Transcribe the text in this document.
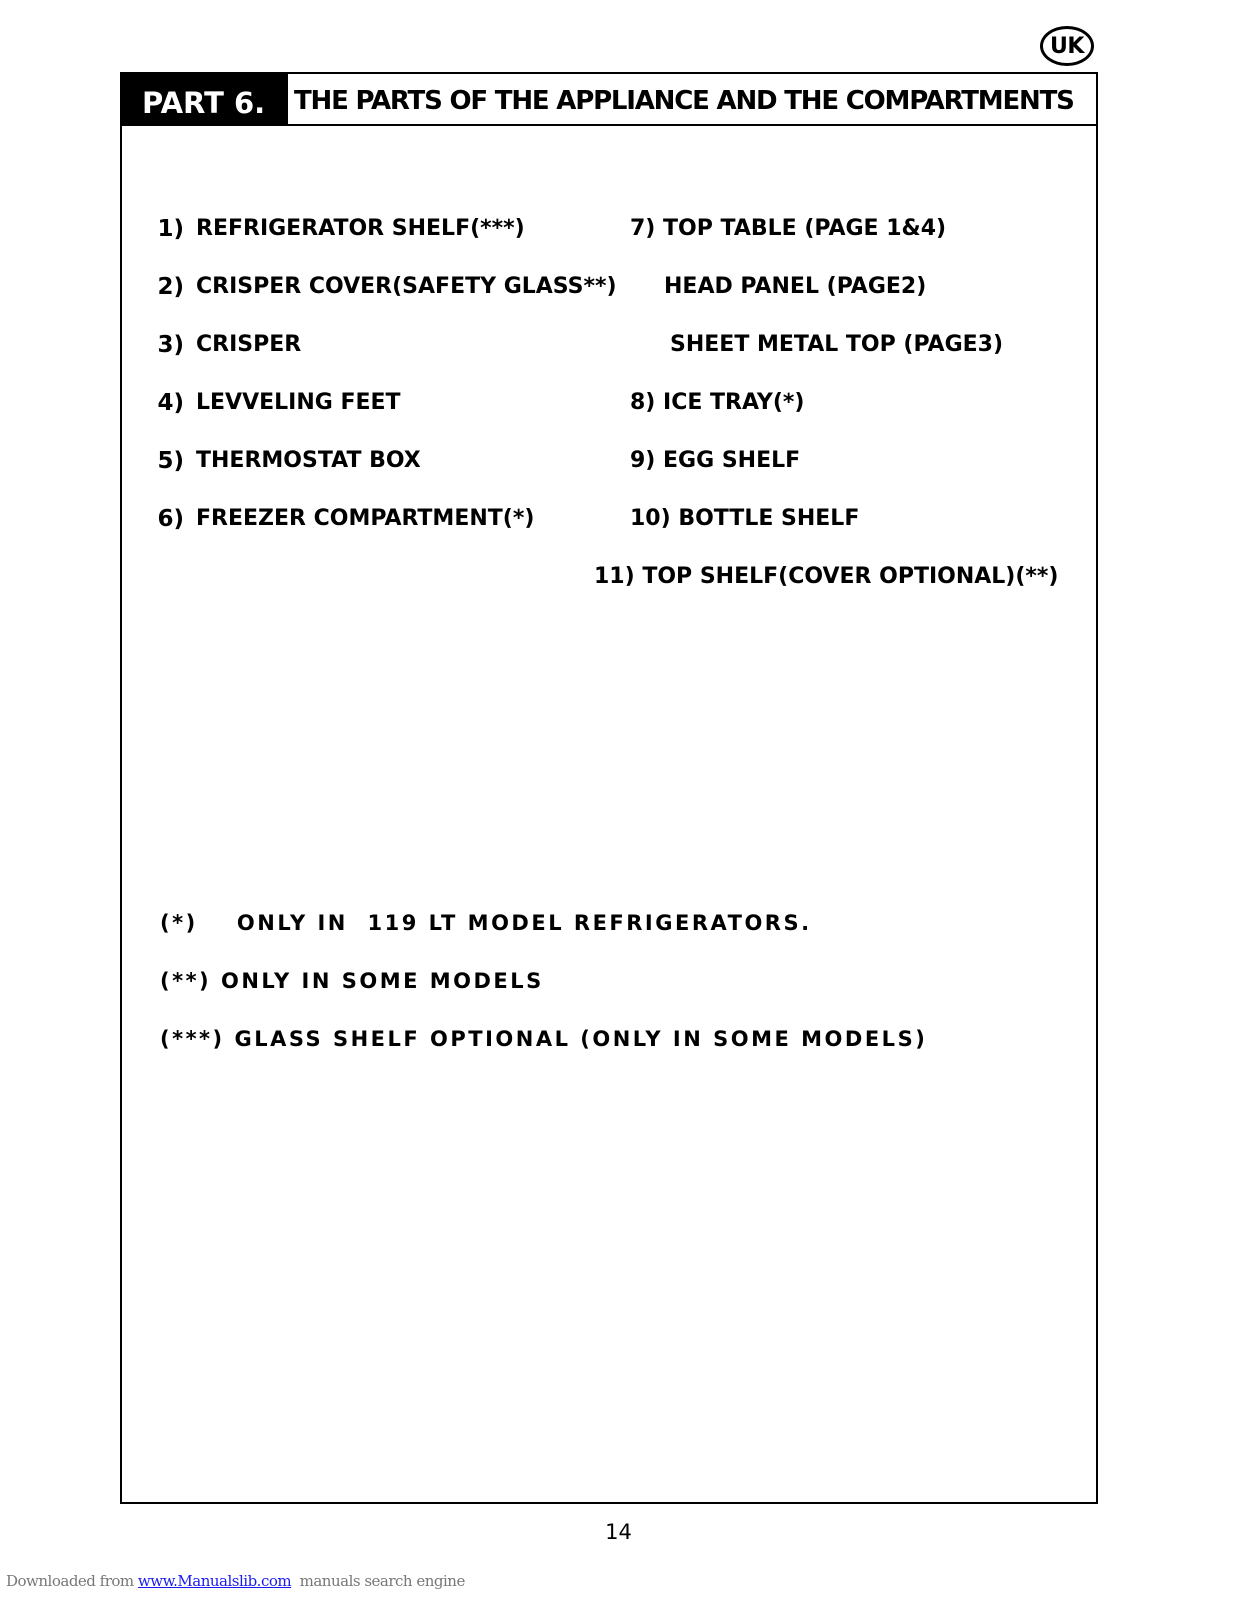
UK
PART 6.	THE PARTS OF THE APPLIANCE AND THE COMPARTMENTS
1) REFRIGERATOR SHELF(***)
2) CRISPER COVER(SAFETY GLASS**)
3) CRISPER
4) LEVVELING FEET
5) THERMOSTAT BOX
6) FREEZER COMPARTMENT(*)
7) TOP TABLE (PAGE 1&4)
HEAD PANEL (PAGE2)
SHEET METAL TOP (PAGE3)
8) ICE TRAY(*)
9) EGG SHELF
10) BOTTLE SHELF
11) TOP SHELF(COVER OPTIONAL)(**)
(*)    ONLY IN  119 LT MODEL REFRIGERATORS.
(**) ONLY IN SOME MODELS
(***) GLASS SHELF OPTIONAL (ONLY IN SOME MODELS)
14
Downloaded from www.Manualslib.com  manuals search engine
